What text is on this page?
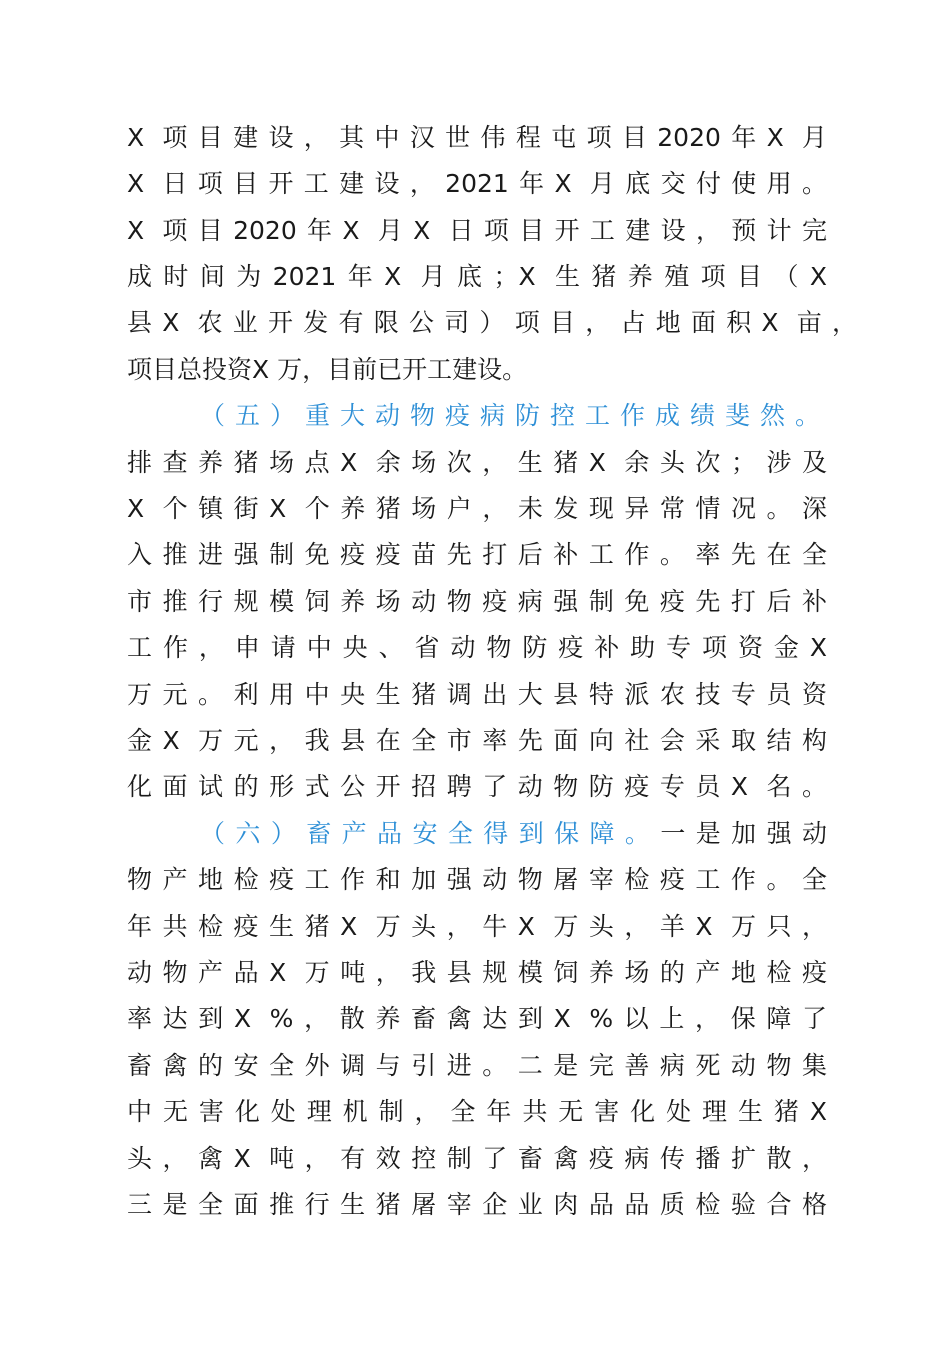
X 项目建设，其中汉世伟程屯项目2020年X 月
X 日项目开工建设，2021年X 月底交付使用。
X 项目2020年X 月X 日项目开工建设，预计完
成时间为2021年X 月底；X 生猪养殖项目（X
县X 农业开发有限公司）项目，占地面积X 亩，
项目总投资X 万，目前已开工建设。
（五）重大动物疫病防控工作成绩斐然。
排查养猪场点X 余场次，生猪X 余头次；涉及
X 个镇街X 个养猪场户，未发现异常情况。深
入推进强制免疫疫苗先打后补工作。率先在全
市推行规模饲养场动物疫病强制免疫先打后补
工作，申请中央、省动物防疫补助专项资金X
万元。利用中央生猪调出大县特派农技专员资
金X 万元，我县在全市率先面向社会采取结构
化面试的形式公开招聘了动物防疫专员X 名。
（六）畜产品安全得到保障。一是加强动
物产地检疫工作和加强动物屠宰检疫工作。全
年共检疫生猪X 万头，牛X 万头，羊X 万只，
动物产品X 万吨，我县规模饲养场的产地检疫
率达到X %，散养畜禽达到X %以上，保障了
畜禽的安全外调与引进。二是完善病死动物集
中无害化处理机制，全年共无害化处理生猪X
头，禽X 吨，有效控制了畜禽疫病传播扩散，
三是全面推行生猪屠宰企业肉品品质检验合格
